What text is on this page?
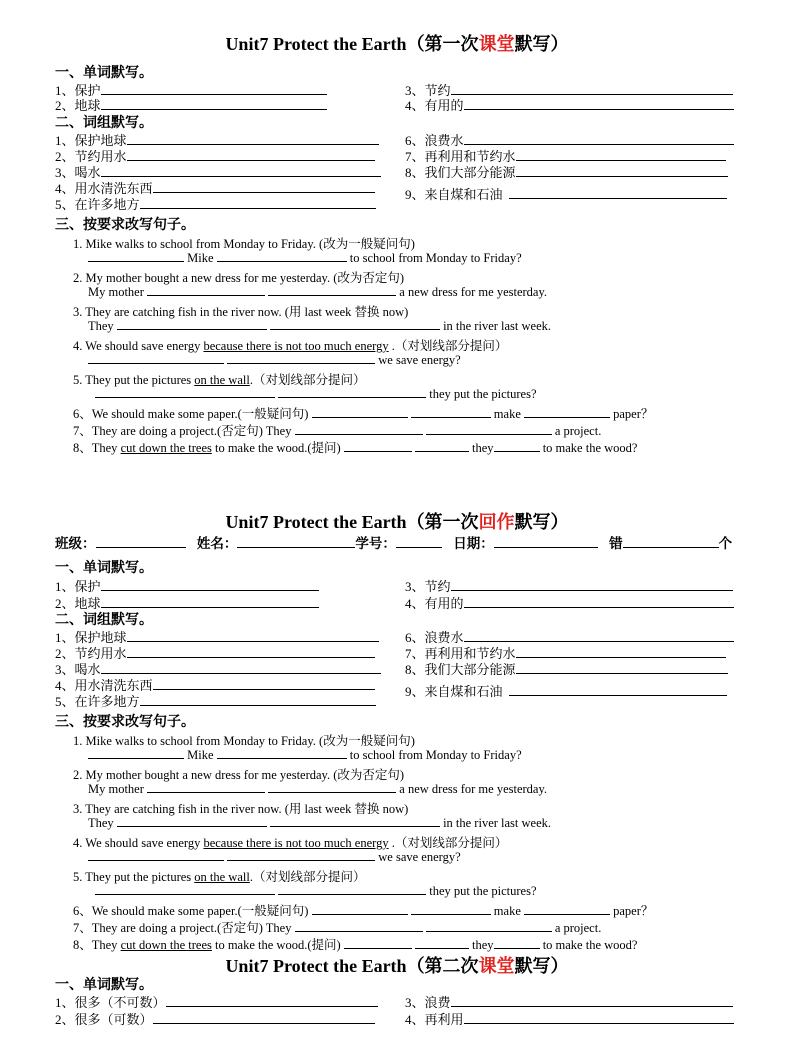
Unit7 Protect the Earth（第一次课堂默写）
一、单词默写。
1、保护
2、地球
3、节约
4、有用的
二、词组默写。
1、保护地球
2、节约用水
3、喝水
4、用水清洗东西
5、在许多地方
6、浪费水
7、再利用和节约水
8、我们大部分能源
9、来自煤和石油
三、按要求改写句子。
1. Mike walks to school from Monday to Friday. (改为一般疑问句)
Mike	to school from Monday to Friday?
2. My mother bought a new dress for me yesterday. (改为否定句)
My mother	a new dress for me yesterday.
3. They are catching fish in the river now. (用 last week 替换 now)
They	in the river last week.
4. We should save energy because there is not too much energy .（对划线部分提问）
we save energy?
5. They put the pictures on the wall.（对划线部分提问）
they put the pictures?
6、We should make some paper.(一般疑问句)	make	paper？
7、They are doing a project.(否定句) They	a project.
8、They cut down the trees to make the wood.(提问)	they	to make the wood?
Unit7 Protect the Earth（第一次回作默写）
班级：	姓名：	学号：	日期：	错	个
一、单词默写。
1、保护
2、地球
3、节约
4、有用的
二、词组默写。
1、保护地球
2、节约用水
3、喝水
4、用水清洗东西
5、在许多地方
6、浪费水
7、再利用和节约水
8、我们大部分能源
9、来自煤和石油
三、按要求改写句子。
1. Mike walks to school from Monday to Friday. (改为一般疑问句)
Mike	to school from Monday to Friday?
2. My mother bought a new dress for me yesterday. (改为否定句)
My mother	a new dress for me yesterday.
3. They are catching fish in the river now. (用 last week 替换 now)
They	in the river last week.
4. We should save energy because there is not too much energy .（对划线部分提问）
we save energy?
5. They put the pictures on the wall.（对划线部分提问）
they put the pictures?
6、We should make some paper.(一般疑问句)	make	paper？
7、They are doing a project.(否定句) They	a project.
8、They cut down the trees to make the wood.(提问)	they	to make the wood?
Unit7 Protect the Earth（第二次课堂默写）
一、单词默写。
1、很多（不可数）
2、很多（可数）
3、浪费
4、再利用
